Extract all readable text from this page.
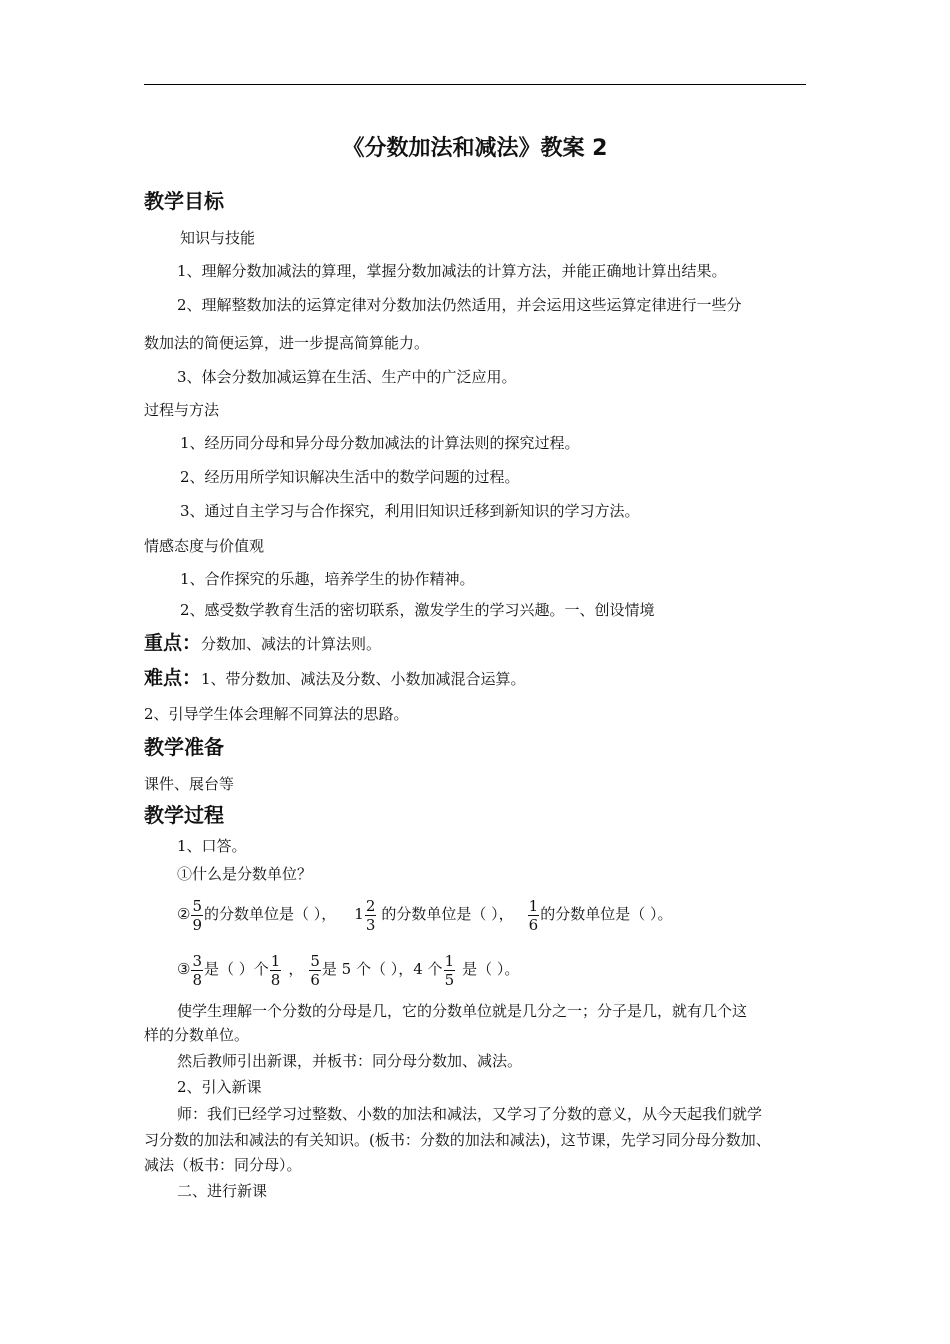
《分数加法和减法》教案 2
教学目标
知识与技能
1、理解分数加减法的算理，掌握分数加减法的计算方法，并能正确地计算出结果。
2、理解整数加法的运算定律对分数加法仍然适用，并会运用这些运算定律进行一些分
数加法的简便运算，进一步提高简算能力。
3、体会分数加减运算在生活、生产中的广泛应用。
过程与方法
1、经历同分母和异分母分数加减法的计算法则的探究过程。
2、经历用所学知识解决生活中的数学问题的过程。
3、通过自主学习与合作探究，利用旧知识迁移到新知识的学习方法。
情感态度与价值观
1、合作探究的乐趣，培养学生的协作精神。
2、感受数学教育生活的密切联系，激发学生的学习兴趣。一、创设情境
重点：分数加、减法的计算法则。
难点：1、带分数加、减法及分数、小数加减混合运算。
2、引导学生体会理解不同算法的思路。
教学准备
课件、展台等
教学过程
1、口答。
①什么是分数单位？
② $\frac{5}{9}$ 的分数单位是（ ）， $1 \frac{2}{3}$ 的分数单位是（ ）， $\frac{1}{6}$ 的分数单位是（ ）。
③ $\frac{3}{8}$ 是（ ）个 $\frac{1}{8}$ ， $\frac{5}{6}$ 是 5 个（ ），4 个 $\frac{1}{5}$ 是（ ）。
使学生理解一个分数的分母是几，它的分数单位就是几分之一；分子是几，就有几个这
样的分数单位。
然后教师引出新课，并板书：同分母分数加、减法。
2、引入新课
师：我们已经学习过整数、小数的加法和减法，又学习了分数的意义，从今天起我们就学
习分数的加法和减法的有关知识。(板书：分数的加法和减法)，这节课，先学习同分母分数加、
减法（板书：同分母）。
二、进行新课
